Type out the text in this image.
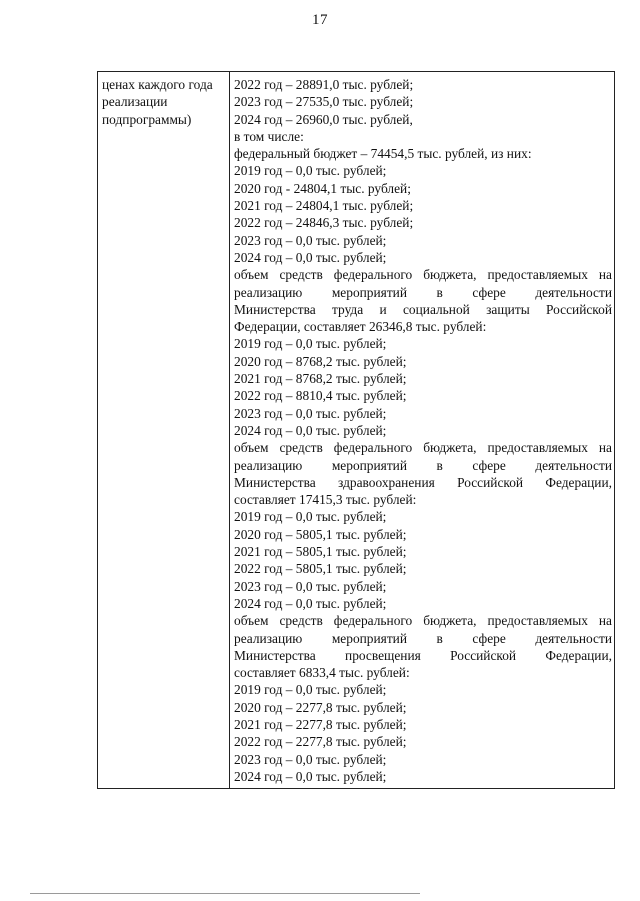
17
ценах каждого года
реализации
подпрограммы)
2022 год – 28891,0 тыс. рублей;
2023 год – 27535,0 тыс. рублей;
2024 год – 26960,0 тыс. рублей,
в том числе:
федеральный бюджет – 74454,5 тыс. рублей, из них:
2019 год – 0,0 тыс. рублей;
2020 год - 24804,1 тыс. рублей;
2021 год – 24804,1 тыс. рублей;
2022 год – 24846,3 тыс. рублей;
2023 год – 0,0 тыс. рублей;
2024 год – 0,0 тыс. рублей;
объем средств федерального бюджета, предоставляемых на
реализацию мероприятий в сфере деятельности
Министерства труда и социальной защиты Российской
Федерации, составляет 26346,8 тыс. рублей:
2019 год – 0,0 тыс. рублей;
2020 год – 8768,2 тыс. рублей;
2021 год – 8768,2 тыс. рублей;
2022 год – 8810,4 тыс. рублей;
2023 год – 0,0 тыс. рублей;
2024 год – 0,0 тыс. рублей;
объем средств федерального бюджета, предоставляемых на
реализацию мероприятий в сфере деятельности
Министерства здравоохранения Российской Федерации,
составляет 17415,3 тыс. рублей:
2019 год – 0,0 тыс. рублей;
2020 год – 5805,1 тыс. рублей;
2021 год – 5805,1 тыс. рублей;
2022 год – 5805,1 тыс. рублей;
2023 год – 0,0 тыс. рублей;
2024 год – 0,0 тыс. рублей;
объем средств федерального бюджета, предоставляемых на
реализацию мероприятий в сфере деятельности
Министерства просвещения Российской Федерации,
составляет 6833,4 тыс. рублей:
2019 год – 0,0 тыс. рублей;
2020 год – 2277,8 тыс. рублей;
2021 год – 2277,8 тыс. рублей;
2022 год – 2277,8 тыс. рублей;
2023 год – 0,0 тыс. рублей;
2024 год – 0,0 тыс. рублей;
